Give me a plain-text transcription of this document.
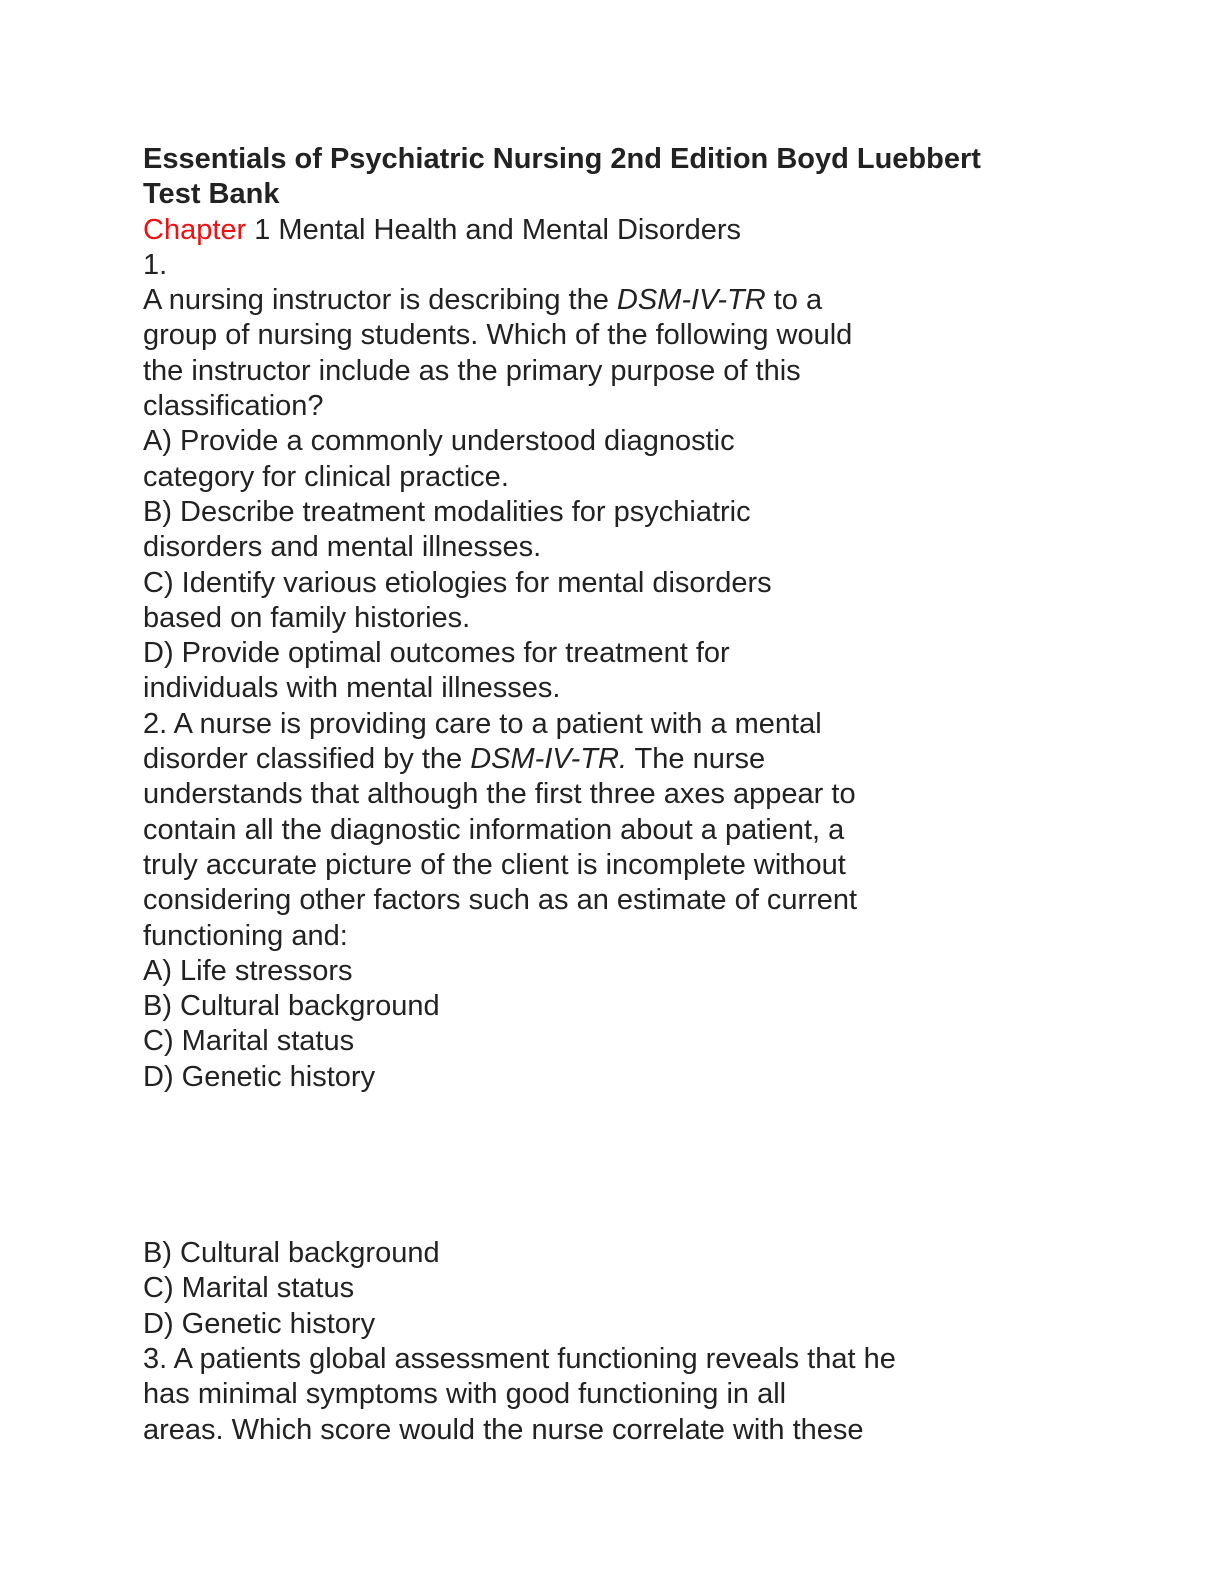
Essentials of Psychiatric Nursing 2nd Edition Boyd Luebbert

Test Bank

Chapter 1 Mental Health and Mental Disorders

1.

A nursing instructor is describing the DSM-IV-TR to a

group of nursing students. Which of the following would

the instructor include as the primary purpose of this

classification?

A) Provide a commonly understood diagnostic

category for clinical practice.

B) Describe treatment modalities for psychiatric

disorders and mental illnesses.

C) Identify various etiologies for mental disorders

based on family histories.

D) Provide optimal outcomes for treatment for

individuals with mental illnesses.

2. A nurse is providing care to a patient with a mental

disorder classified by the DSM-IV-TR. The nurse

understands that although the first three axes appear to

contain all the diagnostic information about a patient, a

truly accurate picture of the client is incomplete without

considering other factors such as an estimate of current

functioning and:

A) Life stressors

B) Cultural background

C) Marital status

D) Genetic history

B) Cultural background

C) Marital status

D) Genetic history

3. A patients global assessment functioning reveals that he

has minimal symptoms with good functioning in all

areas. Which score would the nurse correlate with these
